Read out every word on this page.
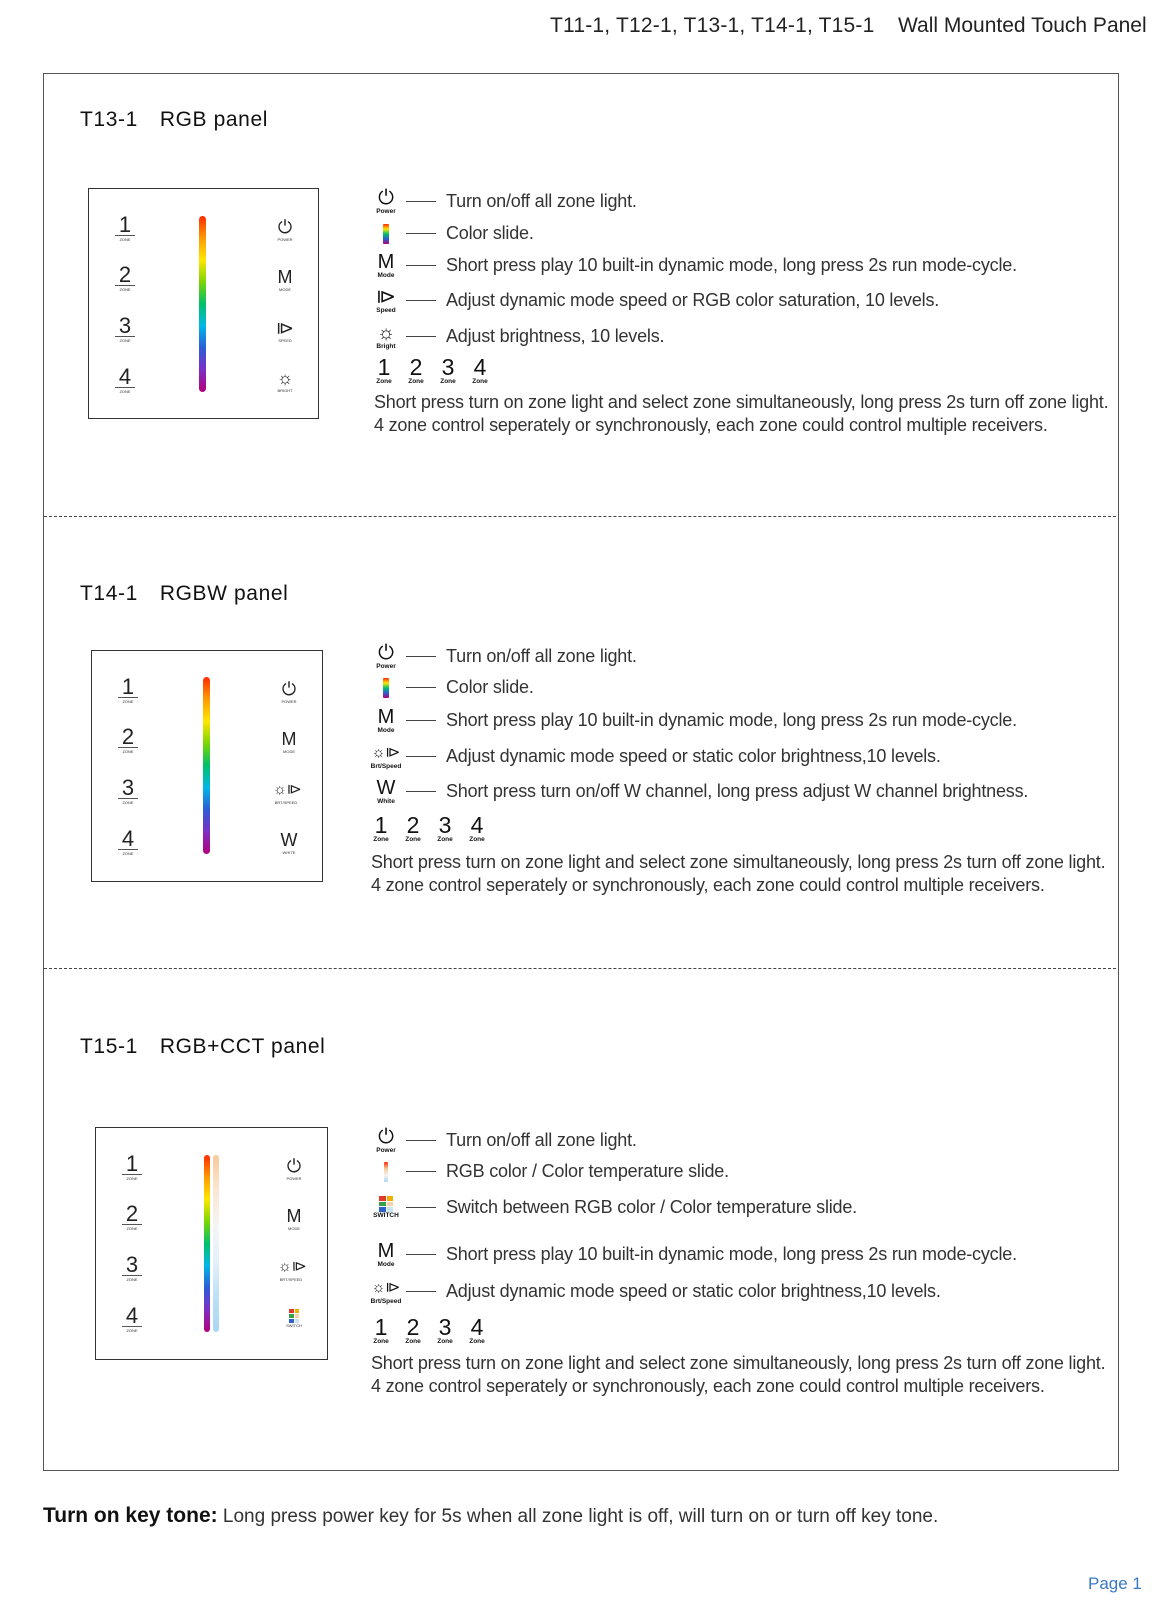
T11-1, T12-1, T13-1, T14-1, T15-1 Wall Mounted Touch Panel
T13-1 RGB panel
1
ZONE
2
ZONE
3
ZONE
4
ZONE
⏻
POWER
M
MODE
⧐
SPEED
☼
BRIGHT
⏻
Power
Turn on/off all zone light.
Color slide.
M
Mode
Short press play 10 built-in dynamic mode, long press 2s run mode-cycle.
⧐
Speed
Adjust dynamic mode speed or RGB color saturation, 10 levels.
☼
Bright
Adjust brightness, 10 levels.
1
Zone
2
Zone
3
Zone
4
Zone
Short press turn on zone light and select zone simultaneously, long press 2s turn off zone light.
4 zone control seperately or synchronously, each zone could control multiple receivers.
T14-1 RGBW panel
1
ZONE
2
ZONE
3
ZONE
4
ZONE
⏻
POWER
M
MODE
☼⧐
BRT/SPEED
W
WHITE
⏻
Power
Turn on/off all zone light.
Color slide.
M
Mode
Short press play 10 built-in dynamic mode, long press 2s run mode-cycle.
☼⧐
Brt/Speed
Adjust dynamic mode speed or static color brightness,10 levels.
W
White
Short press turn on/off W channel, long press adjust W channel brightness.
1
Zone
2
Zone
3
Zone
4
Zone
Short press turn on zone light and select zone simultaneously, long press 2s turn off zone light.
4 zone control seperately or synchronously, each zone could control multiple receivers.
T15-1 RGB+CCT panel
1
ZONE
2
ZONE
3
ZONE
4
ZONE
⏻
POWER
M
MODE
☼⧐
BRT/SPEED
SWITCH
⏻
Power
Turn on/off all zone light.
RGB color / Color temperature slide.
SWITCH	Switch between RGB color / Color temperature slide.
M
Mode
Short press play 10 built-in dynamic mode, long press 2s run mode-cycle.
☼⧐
Brt/Speed
Adjust dynamic mode speed or static color brightness,10 levels.
1
Zone
2
Zone
3
Zone
4
Zone
Short press turn on zone light and select zone simultaneously, long press 2s turn off zone light.
4 zone control seperately or synchronously, each zone could control multiple receivers.
Turn on key tone: Long press power key for 5s when all zone light is off, will turn on or turn off key tone.
Page 1
